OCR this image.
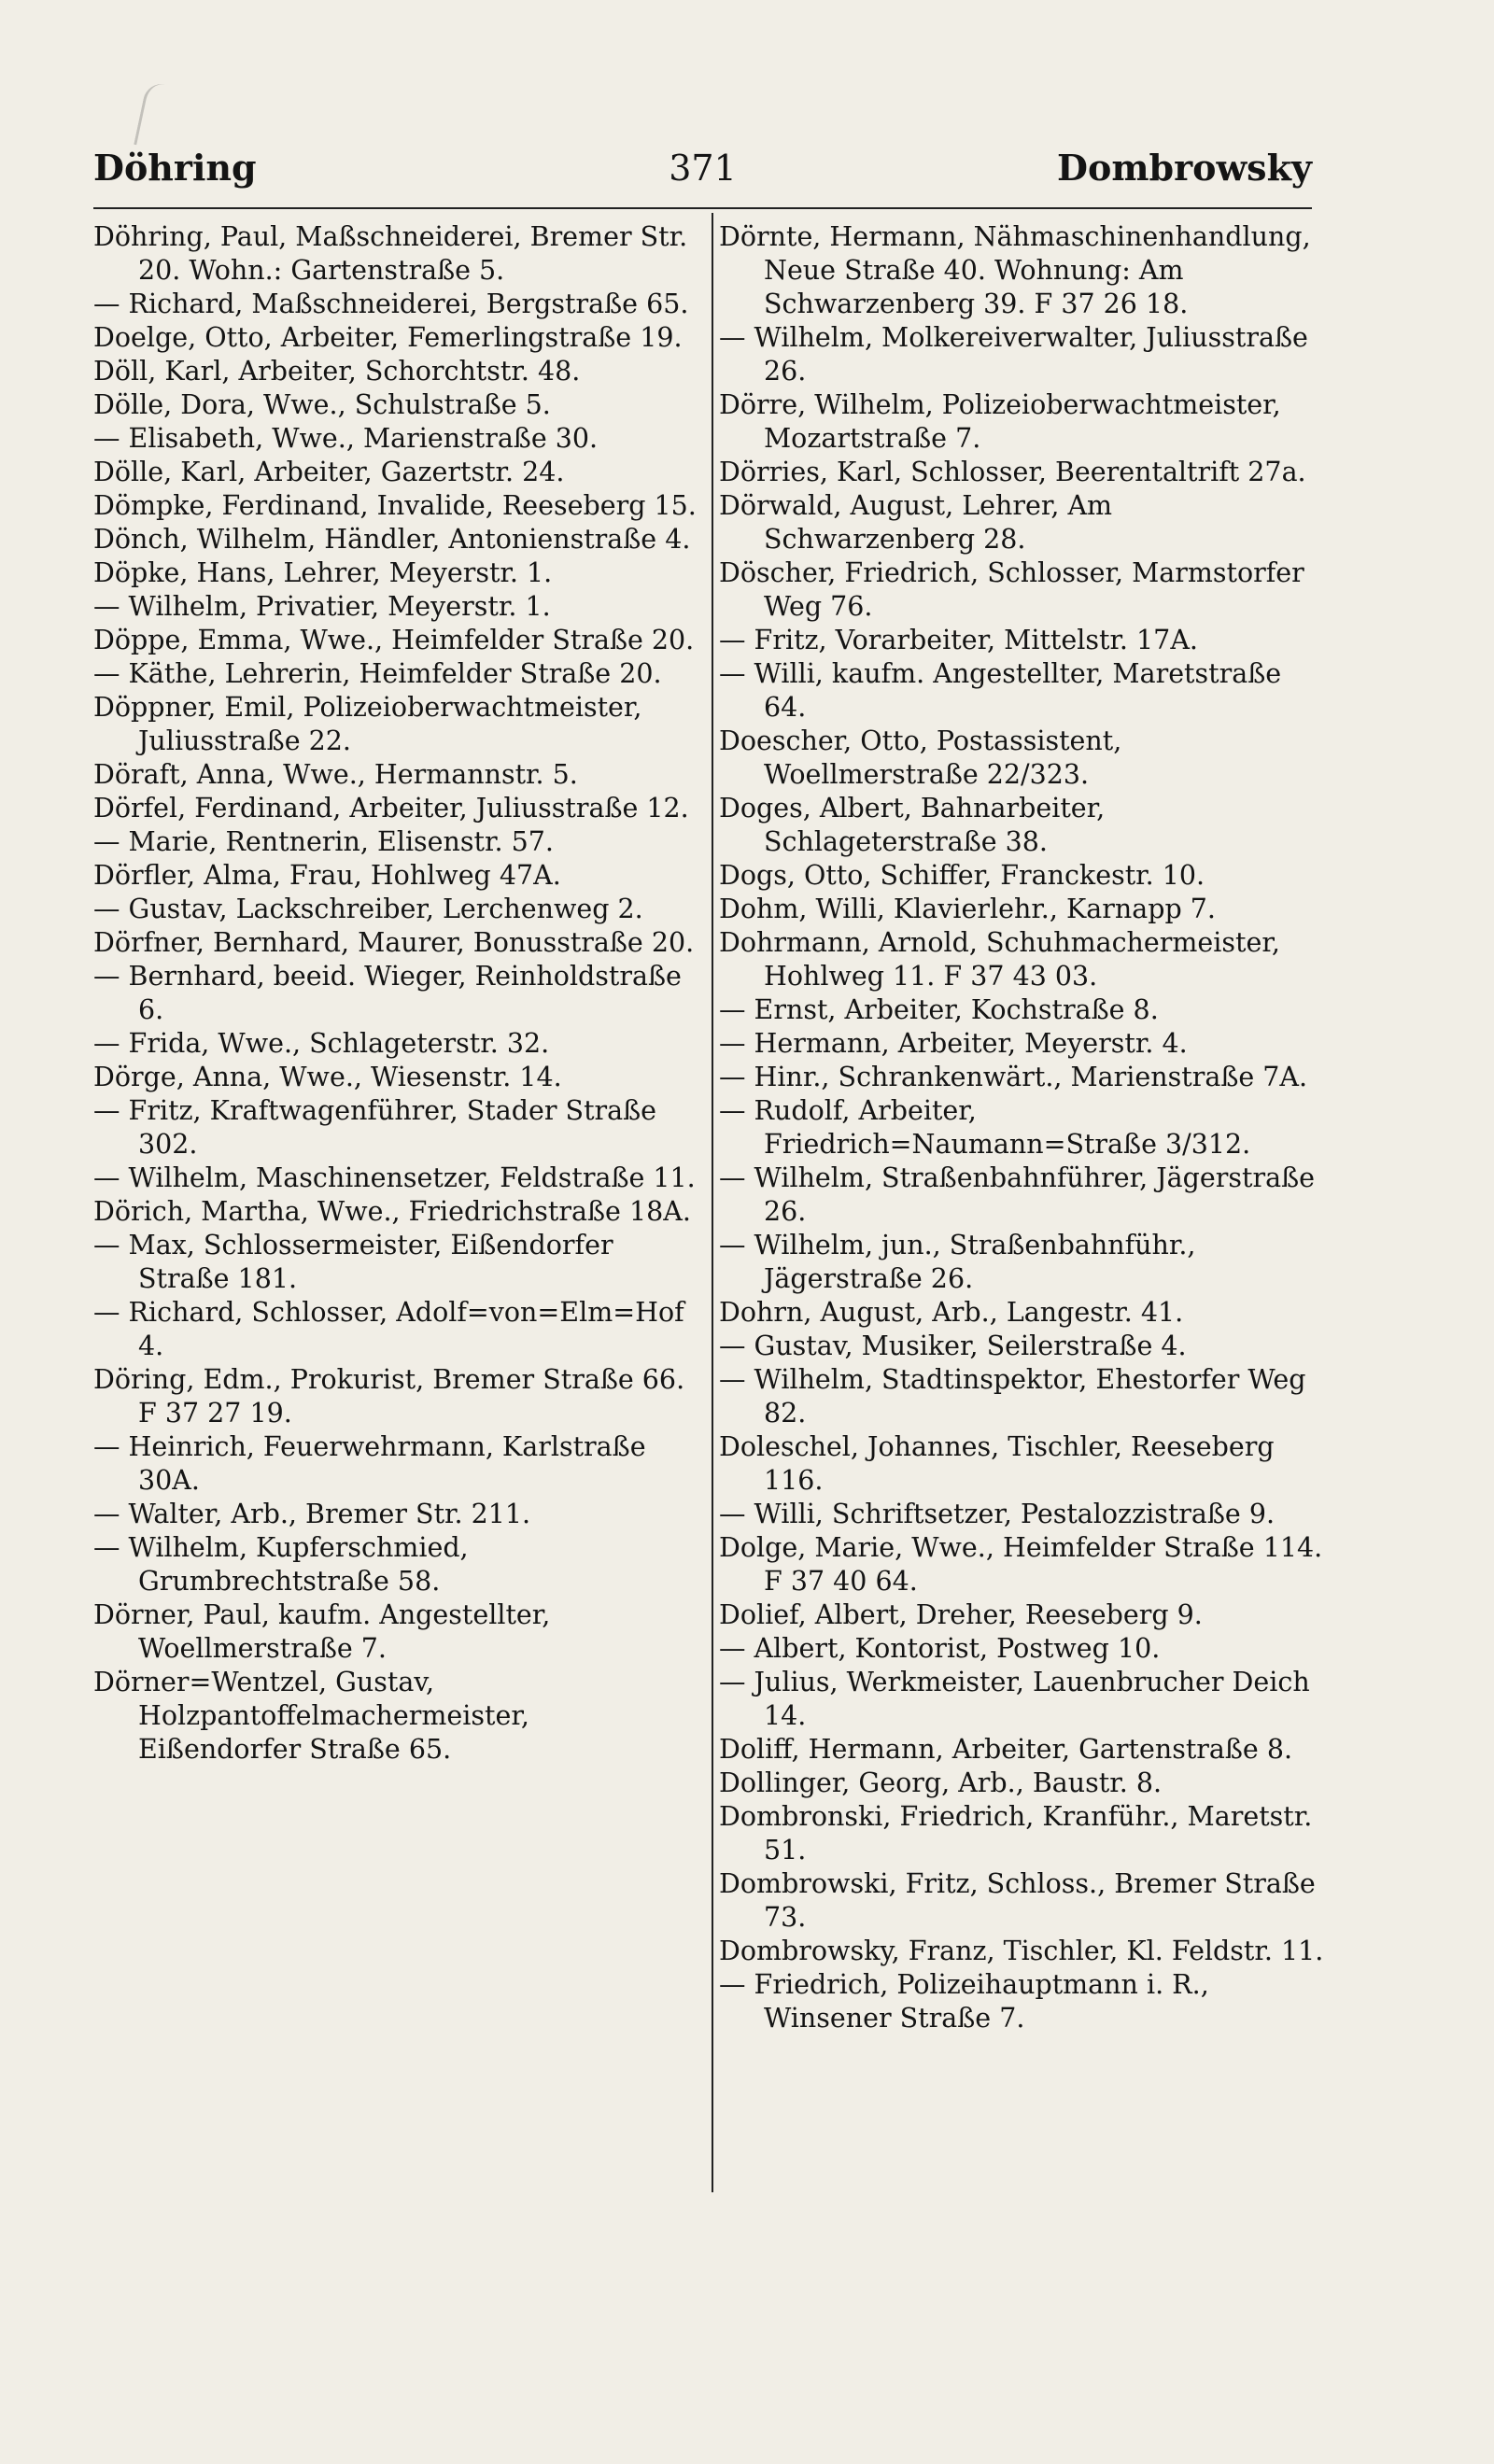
371
Döhring	Dombrowsky
Döhring, Paul, Maßschneiderei, Bremer Str. 20. Wohn.: Gartenstraße 5.
— Richard, Maßschneiderei, Bergstraße 65.
Doelge, Otto, Arbeiter, Femerlingstraße 19.
Döll, Karl, Arbeiter, Schorchtstr. 48.
Dölle, Dora, Wwe., Schulstraße 5.
— Elisabeth, Wwe., Marienstraße 30.
Dölle, Karl, Arbeiter, Gazertstr. 24.
Dömpke, Ferdinand, Invalide, Reeseberg 15.
Dönch, Wilhelm, Händler, Antonienstraße 4.
Döpke, Hans, Lehrer, Meyerstr. 1.
— Wilhelm, Privatier, Meyerstr. 1.
Döppe, Emma, Wwe., Heimfelder Straße 20.
— Käthe, Lehrerin, Heimfelder Straße 20.
Döppner, Emil, Polizeioberwachtmeister, Juliusstraße 22.
Döraft, Anna, Wwe., Hermannstr. 5.
Dörfel, Ferdinand, Arbeiter, Juliusstraße 12.
— Marie, Rentnerin, Elisenstr. 57.
Dörfler, Alma, Frau, Hohlweg 47A.
— Gustav, Lackschreiber, Lerchenweg 2.
Dörfner, Bernhard, Maurer, Bonusstraße 20.
— Bernhard, beeid. Wieger, Reinholdstraße 6.
— Frida, Wwe., Schlageterstr. 32.
Dörge, Anna, Wwe., Wiesenstr. 14.
— Fritz, Kraftwagenführer, Stader Straße 302.
— Wilhelm, Maschinensetzer, Feldstraße 11.
Dörich, Martha, Wwe., Friedrichstraße 18A.
— Max, Schlossermeister, Eißendorfer Straße 181.
— Richard, Schlosser, Adolf=von=Elm=Hof 4.
Döring, Edm., Prokurist, Bremer Straße 66. F 37 27 19.
— Heinrich, Feuerwehrmann, Karlstraße 30A.
— Walter, Arb., Bremer Str. 211.
— Wilhelm, Kupferschmied, Grumbrechtstraße 58.
Dörner, Paul, kaufm. Angestellter, Woellmerstraße 7.
Dörner=Wentzel, Gustav, Holzpantoffelmachermeister, Eißendorfer Straße 65.
Dörnte, Hermann, Nähmaschinenhandlung, Neue Straße 40. Wohnung: Am Schwarzenberg 39. F 37 26 18.
— Wilhelm, Molkereiverwalter, Juliusstraße 26.
Dörre, Wilhelm, Polizeioberwachtmeister, Mozartstraße 7.
Dörries, Karl, Schlosser, Beerentaltrift 27a.
Dörwald, August, Lehrer, Am Schwarzenberg 28.
Döscher, Friedrich, Schlosser, Marmstorfer Weg 76.
— Fritz, Vorarbeiter, Mittelstr. 17A.
— Willi, kaufm. Angestellter, Maretstraße 64.
Doescher, Otto, Postassistent, Woellmerstraße 22/323.
Doges, Albert, Bahnarbeiter, Schlageterstraße 38.
Dogs, Otto, Schiffer, Franckestr. 10.
Dohm, Willi, Klavierlehr., Karnapp 7.
Dohrmann, Arnold, Schuhmachermeister, Hohlweg 11. F 37 43 03.
— Ernst, Arbeiter, Kochstraße 8.
— Hermann, Arbeiter, Meyerstr. 4.
— Hinr., Schrankenwärt., Marienstraße 7A.
— Rudolf, Arbeiter, Friedrich=Naumann=Straße 3/312.
— Wilhelm, Straßenbahnführer, Jägerstraße 26.
— Wilhelm, jun., Straßenbahnführ., Jägerstraße 26.
Dohrn, August, Arb., Langestr. 41.
— Gustav, Musiker, Seilerstraße 4.
— Wilhelm, Stadtinspektor, Ehestorfer Weg 82.
Doleschel, Johannes, Tischler, Reeseberg 116.
— Willi, Schriftsetzer, Pestalozzistraße 9.
Dolge, Marie, Wwe., Heimfelder Straße 114. F 37 40 64.
Dolief, Albert, Dreher, Reeseberg 9.
— Albert, Kontorist, Postweg 10.
— Julius, Werkmeister, Lauenbrucher Deich 14.
Doliff, Hermann, Arbeiter, Gartenstraße 8.
Dollinger, Georg, Arb., Baustr. 8.
Dombronski, Friedrich, Kranführ., Maretstr. 51.
Dombrowski, Fritz, Schloss., Bremer Straße 73.
Dombrowsky, Franz, Tischler, Kl. Feldstr. 11.
— Friedrich, Polizeihauptmann i. R., Winsener Straße 7.
